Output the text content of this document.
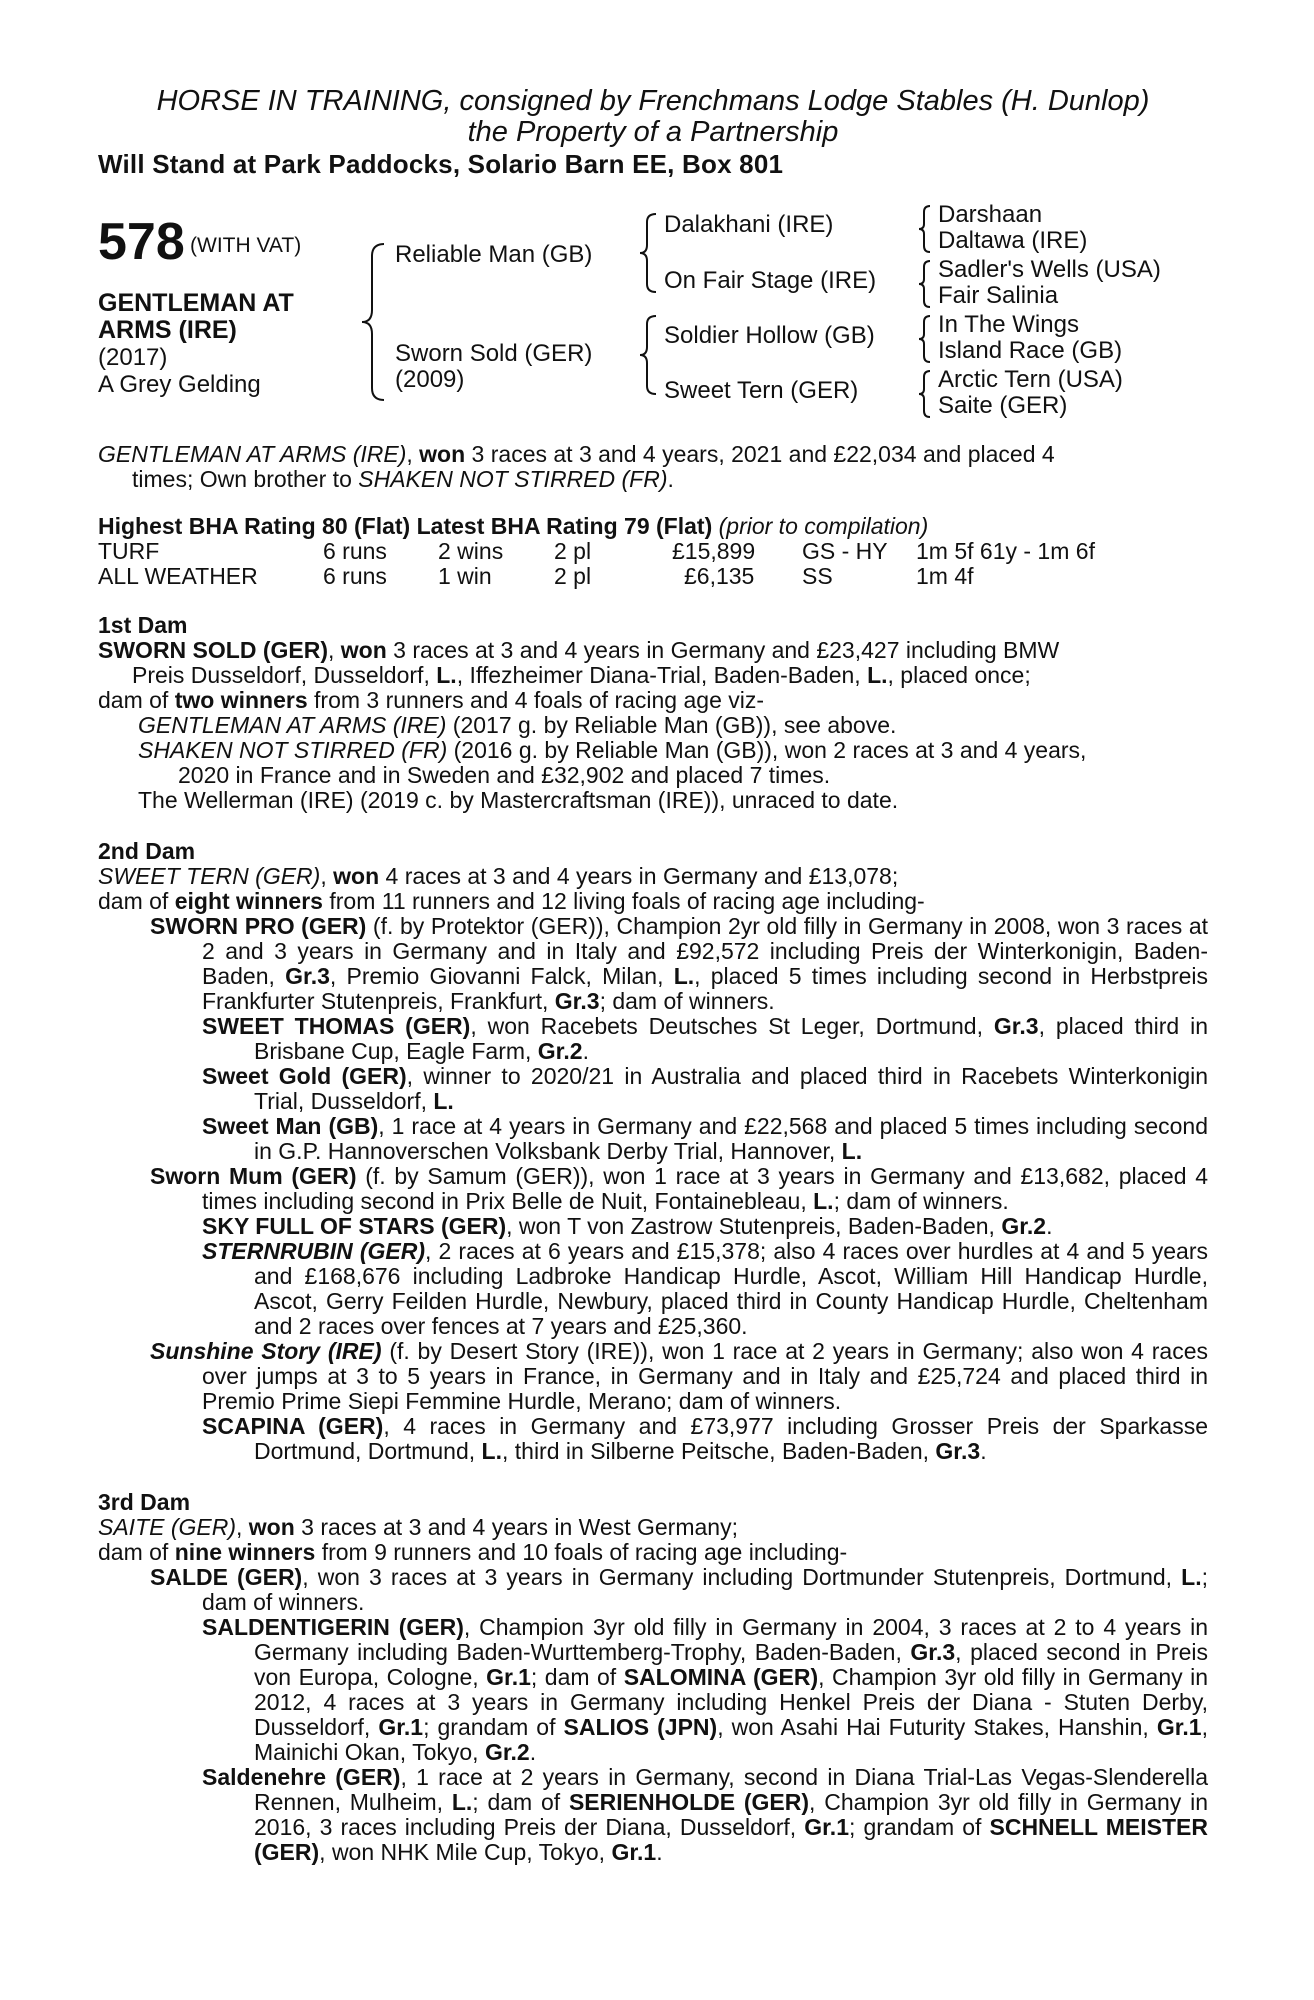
HORSE IN TRAINING, consigned by Frenchmans Lodge Stables (H. Dunlop)

the Property of a Partnership

Will Stand at Park Paddocks, Solario Barn EE, Box 801

578 (WITH VAT)
GENTLEMAN AT
ARMS (IRE)
(2017)
A Grey Gelding
Reliable Man (GB)
Sworn Sold (GER)
(2009)
Dalakhani (IRE)
On Fair Stage (IRE)
Soldier Hollow (GB)
Sweet Tern (GER)
Darshaan
Daltawa (IRE)
Sadler's Wells (USA)
Fair Salinia
In The Wings
Island Race (GB)
Arctic Tern (USA)
Saite (GER)

GENTLEMAN AT ARMS (IRE), won 3 races at 3 and 4 years, 2021 and £22,034 and placed 4

times; Own brother to SHAKEN NOT STIRRED (FR).

Highest BHA Rating 80 (Flat) Latest BHA Rating 79 (Flat) (prior to compilation)

TURF	6 runs 2 wins 2 pl	£15,899 GS - HY 1m 5f 61y - 1m 6f
ALL WEATHER	6 runs 1 win	2 pl	£6,135 SS	1m 4f

1st Dam

SWORN SOLD (GER), won 3 races at 3 and 4 years in Germany and £23,427 including BMW

Preis Dusseldorf, Dusseldorf, L., Iffezheimer Diana-Trial, Baden-Baden, L., placed once;

dam of two winners from 3 runners and 4 foals of racing age viz-

GENTLEMAN AT ARMS (IRE) (2017 g. by Reliable Man (GB)), see above.

SHAKEN NOT STIRRED (FR) (2016 g. by Reliable Man (GB)), won 2 races at 3 and 4 years,

2020 in France and in Sweden and £32,902 and placed 7 times.

The Wellerman (IRE) (2019 c. by Mastercraftsman (IRE)), unraced to date.

2nd Dam

SWEET TERN (GER), won 4 races at 3 and 4 years in Germany and £13,078;

dam of eight winners from 11 runners and 12 living foals of racing age including-

SWORN PRO (GER) (f. by Protektor (GER)), Champion 2yr old filly in Germany in 2008, won 3 races at 2 and 3 years in Germany and in Italy and £92,572 including Preis der Winterkonigin, Baden-Baden, Gr.3, Premio Giovanni Falck, Milan, L., placed 5 times including second in Herbstpreis Frankfurter Stutenpreis, Frankfurt, Gr.3; dam of winners.

SWEET THOMAS (GER), won Racebets Deutsches St Leger, Dortmund, Gr.3, placed third in Brisbane Cup, Eagle Farm, Gr.2.

Sweet Gold (GER), winner to 2020/21 in Australia and placed third in Racebets Winterkonigin Trial, Dusseldorf, L.

Sweet Man (GB), 1 race at 4 years in Germany and £22,568 and placed 5 times including second in G.P. Hannoverschen Volksbank Derby Trial, Hannover, L.

Sworn Mum (GER) (f. by Samum (GER)), won 1 race at 3 years in Germany and £13,682, placed 4 times including second in Prix Belle de Nuit, Fontainebleau, L.; dam of winners.

SKY FULL OF STARS (GER), won T von Zastrow Stutenpreis, Baden-Baden, Gr.2.

STERNRUBIN (GER), 2 races at 6 years and £15,378; also 4 races over hurdles at 4 and 5 years and £168,676 including Ladbroke Handicap Hurdle, Ascot, William Hill Handicap Hurdle, Ascot, Gerry Feilden Hurdle, Newbury, placed third in County Handicap Hurdle, Cheltenham and 2 races over fences at 7 years and £25,360.

Sunshine Story (IRE) (f. by Desert Story (IRE)), won 1 race at 2 years in Germany; also won 4 races over jumps at 3 to 5 years in France, in Germany and in Italy and £25,724 and placed third in Premio Prime Siepi Femmine Hurdle, Merano; dam of winners.

SCAPINA (GER), 4 races in Germany and £73,977 including Grosser Preis der Sparkasse Dortmund, Dortmund, L., third in Silberne Peitsche, Baden-Baden, Gr.3.

3rd Dam

SAITE (GER), won 3 races at 3 and 4 years in West Germany;

dam of nine winners from 9 runners and 10 foals of racing age including-

SALDE (GER), won 3 races at 3 years in Germany including Dortmunder Stutenpreis, Dortmund, L.; dam of winners.

SALDENTIGERIN (GER), Champion 3yr old filly in Germany in 2004, 3 races at 2 to 4 years in Germany including Baden-Wurttemberg-Trophy, Baden-Baden, Gr.3, placed second in Preis von Europa, Cologne, Gr.1; dam of SALOMINA (GER), Champion 3yr old filly in Germany in 2012, 4 races at 3 years in Germany including Henkel Preis der Diana - Stuten Derby, Dusseldorf, Gr.1; grandam of SALIOS (JPN), won Asahi Hai Futurity Stakes, Hanshin, Gr.1, Mainichi Okan, Tokyo, Gr.2.

Saldenehre (GER), 1 race at 2 years in Germany, second in Diana Trial-Las Vegas-Slenderella Rennen, Mulheim, L.; dam of SERIENHOLDE (GER), Champion 3yr old filly in Germany in 2016, 3 races including Preis der Diana, Dusseldorf, Gr.1; grandam of SCHNELL MEISTER (GER), won NHK Mile Cup, Tokyo, Gr.1.
